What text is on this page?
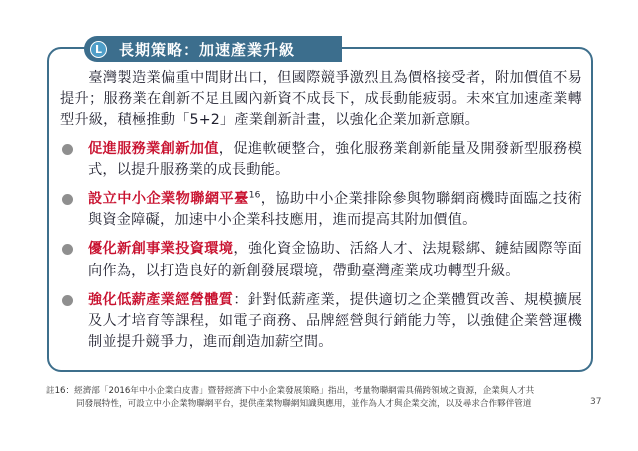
L	長期策略：加速產業升級

臺灣製造業偏重中間財出口，但國際競爭激烈且為價格接受者，附加價值不易提升；服務業在創新不足且國內新資不成長下，成長動能疲弱。未來宜加速產業轉型升級，積極推動「5+2」產業創新計畫，以強化企業加新意願。

促進服務業創新加值，促進軟硬整合，強化服務業創新能量及開發新型服務模式，以提升服務業的成長動能。
設立中小企業物聯網平臺$^{16}$，協助中小企業排除參與物聯網商機時面臨之技術與資金障礙，加速中小企業科技應用，進而提高其附加價值。
優化新創事業投資環境，強化資金協助、活絡人才、法規鬆綁、鏈結國際等面向作為，以打造良好的新創發展環境，帶動臺灣產業成功轉型升級。
強化低薪產業經營體質：針對低薪產業，提供適切之企業體質改善、規模擴展及人才培育等課程，如電子商務、品牌經營與行銷能力等，以強健企業營運機制並提升競爭力，進而創造加薪空間。
註16：經濟部「2016年中小企業白皮書」暨替經濟下中小企業發展策略」指出，考量物聯網需具備跨領域之資源，企業與人才共
同發展特性，可設立中小企業物聯網平台，提供產業物聯網知識與應用，並作為人才與企業交流，以及尋求合作夥伴管道	37
